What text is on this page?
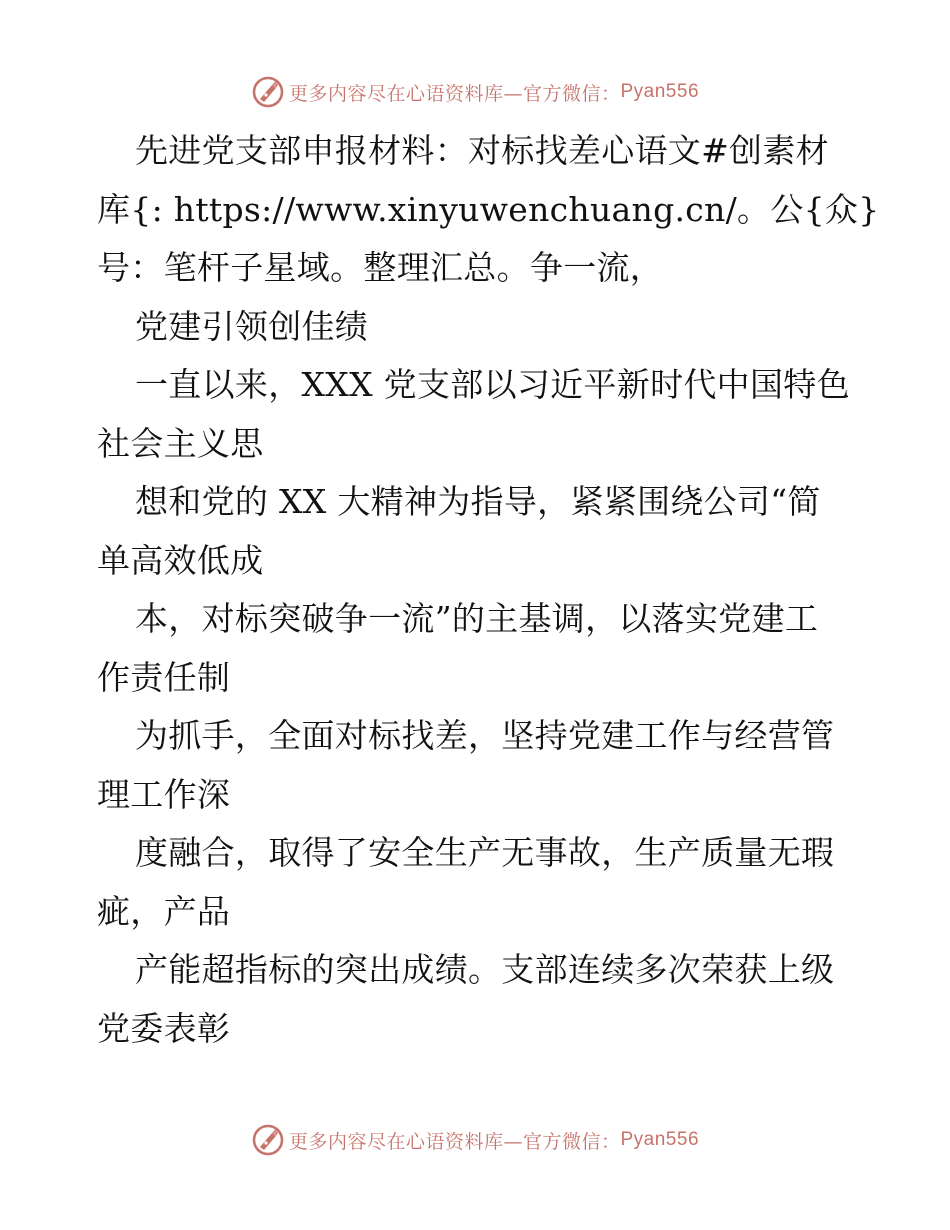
更多内容尽在心语资料库—官方微信： Pyan556
先进党支部申报材料：对标找差心语文#创素材
库{: https://www.xinyuwenchuang.cn/。公{众}
号：笔杆子星域。整理汇总。争一流，
党建引领创佳绩
一直以来，XXX 党支部以习近平新时代中国特色
社会主义思
想和党的 XX 大精神为指导，紧紧围绕公司“简
单高效低成
本，对标突破争一流”的主基调，以落实党建工
作责任制
为抓手，全面对标找差，坚持党建工作与经营管
理工作深
度融合，取得了安全生产无事故，生产质量无瑕
疵，产品
产能超指标的突出成绩。支部连续多次荣获上级
党委表彰
更多内容尽在心语资料库—官方微信： Pyan556
